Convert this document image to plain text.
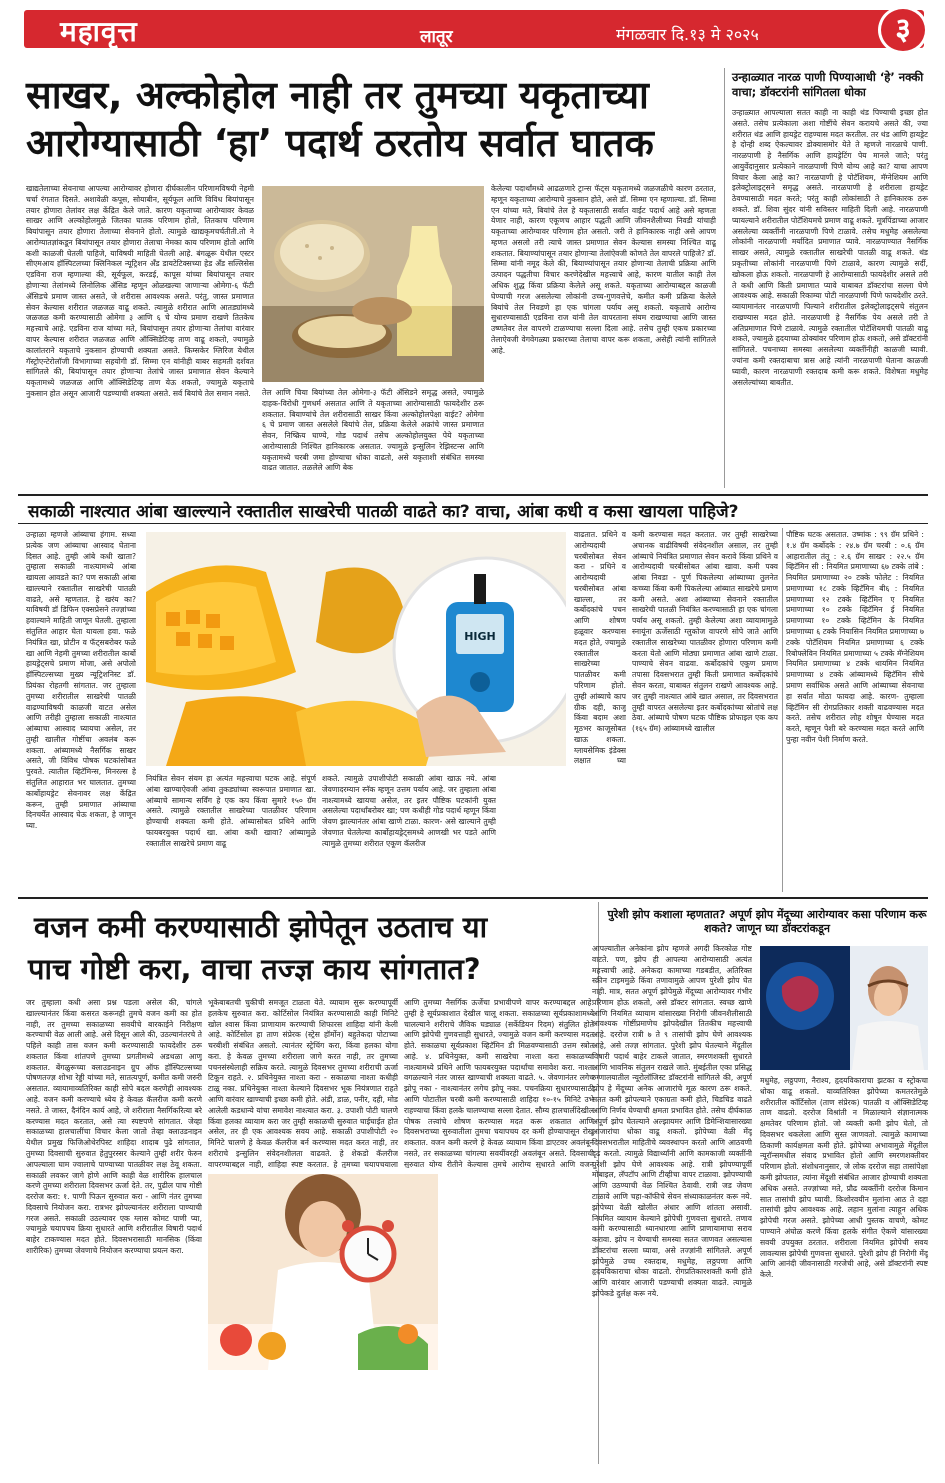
महावृत्त	लातूर	मंगळवार दि.१३ मे २०२५	३
साखर, अल्कोहोल नाही तर तुमच्या यकृताच्या
आरोग्यासाठी ‘हा’ पदार्थ ठरतोय सर्वात घातक
खाद्यतेलाच्या सेवनाचा आपल्या आरोग्यावर होणारा दीर्घकालीन परिणामविषयी नेहमी चर्चा रंगतात दिसते. अशावेळी कपूस, सोयाबीन, सूर्यफूल आणि विविध बियांपासून तयार होणारा तेलांवर लक्ष केंद्रित केले जाते. कारण यकृताच्या आरोग्यावर केवळ साखर आणि अल्कोहोलमुळे जितका घातक परिणाम होतो, तितकाच परिणाम बियांपासून तयार होणारा तेलाच्या सेवनाने होतो. त्यामुळे खाद्यकृमचर्चतीती.तो ने आरोग्यातज्ञांकडून बियांपासून तयार होणारा तेलाचा नेमका काय परिणाम होतो आणि कशी काळजी घेतली पाहिजे, याविषयी माहिती घेतली आहे. बंगळूरू येथील एस्टर सीएमआय हॉस्पिटलच्या क्लिनिकल न्यूट्रिशन ॲंड डायटेटिक्सच्या हेड ॲंड सल्लिसेस एडविना राज म्हणाल्या की, सूर्यफूल, करडई, कापूस यांच्या बियांपासून तयार होणाऱ्या तेलांमध्ये लिनोलिक ॲसिड म्हणून ओळखल्या जाणाऱ्या ओमेगा-६ फॅटी ॲसिडचे प्रमाण जास्त असते, जे शरीरास आवश्यक असते. परंतु, जास्त प्रमाणात सेवन केल्यास शरीरात जळजळ वाढू शकते. त्यामुळे शरीरात आणि आतड्यांमध्ये जळजळ कमी करण्यासाठी ओमेगा ३ आणि ६ चे योग्य प्रमाण राखणे तितकेच महत्त्वाचे आहे. एडविना राज यांच्या मते, बियांपासून तयार होणाऱ्या तेलांचा वारंवार वापर केल्यास शरीरात जळजळ आणि ऑक्सिडेटिव्ह ताण वाढू शकतो, ज्यामुळे कालांतराने यकृताचे नुकसान होण्याची शक्यता असते. किम्सकेर ग्लिरिज येथील गॅस्ट्रोएन्टेरोलॉजी विभागाच्या सहयोगी डॉ. सिम्मा एन यांनीही याबर सहमती दर्शवत सांगितले की, बियांपासून तयार होणाऱ्या तेलांचे जास्त प्रमाणात सेवन केल्याने यकृतामध्ये जळजळ आणि ऑक्सिडेटिव्ह ताण येऊ शकतो, ज्यामुळे यकृताचे नुकसान होत असून आजारी पडण्याची शक्यता असते. सर्व बियांचे तेल समान नसते.	तेल आणि चिया बियांच्या तेल ओमेगा-३ फॅटी ॲसिडने समृद्ध असते, ज्यामुळे दाहक-विरोधी गुणधर्म असतात आणि ते यकृताच्या आरोग्यासाठी फायदेशीर ठरू शकतात. बियाण्यांचे तेल शरीरासाठी साखर किंवा अल्कोहोलपेक्षा वाईट? ओमेगा ६ चे प्रमाण जास्त असलेले बियांचे तेल, प्रक्रिया केलेले अक्रांचे जास्त प्रमाणात सेवन, निष्क्रिय घाण्ये, गोड पदार्थ तसेच अल्कोहोलयुक्त पेये यकृताच्या आरोग्यासाठी निश्चित हानिकारक असतात. ज्यामुळे इन्सुलिन रेझिस्टन्स आणि यकृतामध्ये चरबी जमा होण्याचा धोका वाढतो, असे यकृताशी संबंधित समस्या वाढत जातात. तळलेले आणि बेक
केलेल्या पदार्थांमध्ये आढळणारे ट्रान्स फॅट्स यकृतामध्ये जळजळीचे कारण ठरतात, म्हणून यकृताच्या आरोग्याचे नुकसान होते, असे डॉ. सिम्मा एन म्हणाल्या. डॉ. सिम्मा एन यांच्या मते, बियांचे तेल हे यकृतासाठी सर्वात वाईट पदार्थ आहे असे म्हणता येणार नाही, कारण एकूणच आहार पद्धती आणि जीवनशैलीच्या निवडी यांचाही यकृताच्या आरोग्यावर परिणाम होत असतो. जरी ते हानिकारक नाही असे आपण म्हणत असलो तरी त्याचे जास्त प्रमाणात सेवन केल्यास समस्या निश्चित वाढू शकतात. बियाण्यांपासून तयार होणाऱ्या तेलांऐवजी कोणते तेल वापरले पाहिजे? डॉ. सिम्मा यांनी नमूद केले की, बियाण्यांपासून तयार होणाऱ्या तेलाची प्रक्रिया आणि उत्पादन पद्धतीचा विचार करणेदेखील महत्त्वाचे आहे, कारण यातील काही तेल अधिक शुद्ध किंवा प्रक्रिया केलेले असू शकते. यकृताच्या आरोग्याबद्दल काळजी घेण्याची गरज असलेल्या लोकांनी उच्च-गुणवत्तेचे, कमीत कमी प्रक्रिया केलेले बियांचे तेल निवडणे हा एक चांगला पर्याय असू शकतो. यकृताचे आरोग्य सुधारण्यासाठी एडविना राज यांनी तेल वापरताना संयम राखण्याचा आणि जास्त उष्णतेवर तेल वापरणे टाळण्याचा सल्ला दिला आहे. तसेच तुम्ही एकच प्रकारच्या तेलाऐवजी वेगवेगळ्या प्रकारच्या तेलाचा वापर करू शकता, असेही त्यांनी सांगितले आहे.
उन्हाळ्यात नारळ पाणी पिण्याआधी ‘हे’ नक्की वाचा; डॉक्टरांनी सांगितला धोका
उन्हाळ्यात आपल्याला सतत काही ना काही थंड पिण्याची इच्छा होत असते. तसेच प्रत्येकाला अशा गोष्टींचे सेवन करायचे असते की, ज्या शरीरात थंड आणि हायड्रेट राहण्यास मदत करतील. तर थंड आणि हायड्रेट हे दोन्ही शब्द ऐकल्यावर डोक्यासमोर येते ते म्हणजे नारळाचे पाणी. नारळपाणी हे नैसर्गिक आणि हायड्रेटिंग पेय मानले जाते; परंतु आयुर्वेदानुसार प्रत्येकाने नारळपाणी पिणे योग्य आहे का? याचा आपण विचार केला आहे का? नारळपाणी हे पोटॅशियम, मॅग्नेशियम आणि इलेक्ट्रोलाइट्सने समृद्ध असते. नारळपाणी हे शरीराला हायड्रेट ठेवण्यासाठी मदत करते; परंतु काही लोकांसाठी ते हानिकारक ठरू शकते. डॉ. शिवा सुंदर यांनी सविस्तर माहिती दिली आहे. नारळपाणी प्यायल्याने शरीरातील पोटॅशियमचे प्रमाण वाढू शकते. मूत्रपिंडाच्या आजार असलेल्या व्यक्तींनी नारळपाणी पिणे टाळावे. तसेच मधुमेह असलेल्या लोकांनी नारळपाणी मर्यादित प्रमाणात प्यावे. नारळपाण्यात नैसर्गिक साखर असते, त्यामुळे रक्तातील साखरेची पातळी वाढू शकते. थंड प्रकृतीच्या लोकांनी नारळपाणी पिणे टाळावे, कारण त्यामुळे सर्दी, खोकला होऊ शकतो. नारळपाणी हे आरोग्यासाठी फायदेशीर असले तरी ते कधी आणि किती प्रमाणात प्यावे याबाबत डॉक्टरांचा सल्ला घेणे आवश्यक आहे. सकाळी रिकाम्या पोटी नारळपाणी पिणे फायदेशीर ठरते. व्यायामानंतर नारळपाणी पिल्याने शरीरातील इलेक्ट्रोलाइट्सचे संतुलन राखण्यास मदत होते. नारळपाणी हे नैसर्गिक पेय असले तरी ते अतिप्रमाणात पिणे टाळावे. त्यामुळे रक्तातील पोटॅशियमची पातळी वाढू शकते, ज्यामुळे हृदयाच्या ठोक्यांवर परिणाम होऊ शकतो, असे डॉक्टरांनी सांगितले. पचनाच्या समस्या असलेल्या व्यक्तींनीही काळजी घ्यावी. ज्यांना कमी रक्तदाबाचा त्रास आहे त्यांनी नारळपाणी घेताना काळजी घ्यावी, कारण नारळपाणी रक्तदाब कमी करू शकते. विशेषतः मधुमेह असलेल्यांच्या बाबतीत.
सकाळी नाश्त्यात आंबा खाल्ल्याने रक्तातील साखरेची पातळी वाढते का? वाचा, आंबा कधी व कसा खायला पाहिजे?
उन्हाळा म्हणजे आंब्याचा हंगाम. सध्या प्रत्येक जण आंब्याचा आस्वाद घेताना दिसत आहे. तुम्ही आंबे कधी खाता? तुम्हाला सकाळी नाश्त्यामध्ये आंबा खायला आवडते का? पण सकाळी आंबा खाल्ल्याने रक्तातील साखरेची पातळी वाढते, असे म्हणतात. हे खरंय का? याविषयी डॉ डिफिन एक्सप्रेसने तज्ज्ञांच्या हवाल्याने माहिती जाणून घेतली. तुम्हाला संतुलित आहार घेता यायला हवा. फळे नियंत्रित खा, प्रोटीन व फॅट्सबरोबर फळे खा आणि नेहमी तुमच्या शरीरातील कार्बो हायड्रेट्सचे प्रमाण मोजा, असे अपोलो हॉस्पिटल्सच्या मुख्य न्यूट्रिशनिस्ट डॉ. प्रियंका रोहतगी सांगतात. जर तुम्हाला तुमच्या शरीरातील साखरेची पातळी वाढण्याविषयी काळजी वाटत असेल आणि तरीही तुम्हाला सकाळी नाश्त्यात आंब्याचा आस्वाद घ्यायचा असेल, तर तुम्ही खालील गोष्टींचा अवलंब करू शकता. आंब्यामध्ये नैसर्गिक साखर असते, जी विविध पोषक घटकांसोबत पुरवते. त्यातील व्हिटॅमिन्स, मिनरल्स हे संतुलित आहारात भर घालतात. तुमच्या कार्बोहायड्रेट सेवनावर लक्ष केंद्रित करून, तुम्ही प्रमाणात आंब्याचा दिनचर्येत आस्वाद घेऊ शकता, हे जाणून घ्या.
HIGH
नियंत्रित सेवन संयम हा अत्यंत महत्त्वाचा घटक आहे. संपूर्ण आंबा खाण्याऐवजी आंबा तुकड्यांच्या स्वरूपात प्रमाणात खा. आंब्याचे सामान्य सर्विंग हे एक कप किंवा सुमारे १५० ग्रॅम असते. त्यामुळे रक्तातील साखरेच्या पातळीवर परिणाम होण्याची शक्यता कमी होते. आंब्यासोबत प्रथिने आणि फायबरयुक्त पदार्थ खा. आंबा कधी खावा? आंब्यामुळे रक्तातील साखरेचे प्रमाण वाढू
शकते. त्यामुळे उपाशीपोटी सकाळी आंबा खाऊ नये. आंबा जेवणादरम्यान स्नॅक म्हणून उत्तम पर्याय आहे. जर तुम्हाला आंबा नाश्त्यामध्ये खायचा असेल, तर इतर पौष्टिक घटकांनी युक्त असलेल्या पदार्थांबरोबर खा; पण कधीही गोड पदार्थ म्हणून किंवा जेवण झाल्यानंतर आंबा खाणे टाळा. कारण- असे खाल्याने तुम्ही जेवणात घेतलेल्या कार्बोहायड्रेट्समध्ये आणखी भर पडते आणि त्यामुळे तुमच्या शरीरात एकूण कॅलरीज
वाढतात. प्रथिने व आरोग्यदायी चरबीसोबत सेवन करा - प्रथिने व आरोग्यदायी चरबीसोबत आंबा खाल्ला, तर कर्बोदकांचे पचन आणि शोषण हळूवार करण्यास मदत होते, ज्यामुळे रक्तातील साखरेच्या पातळीवर कमी परिणाम होतो. तुम्ही आंब्याचे काप ग्रीक दही, काजू किंवा बदाम अशा मूठभर काजूसोबत खाऊ शकता. ग्लायसेमिक इंडेक्स लक्षात घ्या
कमी करण्यास मदत करतात. जर तुम्ही साखरेच्या अचानक वाढीविषयी संवेदनशील असाल, तर तुम्ही आंब्याचे नियंत्रित प्रमाणात सेवन करावे किंवा प्रथिने व आरोग्यदायी चरबीसोबत आंबा खावा. कमी पक्व आंबा निवडा - पूर्ण पिकलेल्या आंब्याच्या तुलनेत कच्च्या किंवा कमी पिकलेल्या आंब्यात साखरेचे प्रमाण कमी असते. अशा आंब्याच्या सेवनाने रक्तातील साखरेची पातळी नियंत्रित करण्यासाठी हा एक चांगला पर्याय असू शकतो. तुम्ही केलेल्या अशा व्यायामामुळे स्नायूंना ऊर्जेसाठी ग्लुकोज वापरणे सोपे जाते आणि रक्तातील साखरेच्या पातळीवर होणारा परिणाम कमी करता येतो आणि मोठ्या प्रमाणात आंबा खाणे टाळा. पाण्याचे सेवन वाढवा. कर्बोदकांचे एकूण प्रमाण तपासा दिवसभरात तुम्ही किती प्रमाणात कर्बोदकांचे सेवन करता, याबाबत संतुलन राखणे आवश्यक आहे. जर तुम्ही नाश्त्यात आंबे खात असाल, तर दिवसभरात तुम्ही वापरत असलेल्या इतर कर्बोदकांच्या स्रोतांचे लक्ष ठेवा. आंब्याचे पोषण घटक पौष्टिक प्रोफाइल एक कप (१६५ ग्रॅम) आंब्यामध्ये खालील
पौष्टिक घटक असतात. उष्मांक : ९९ ग्रॅम प्रथिने : १.४ ग्रॅम कर्बोदके : २४.७ ग्रॅम चरबी : ०.६ ग्रॅम आहारातील तंतू : २.६ ग्रॅम साखर : २२.५ ग्रॅम व्हिटॅमिन सी : नियमित प्रमाणाच्या ६७ टक्के तांबे : नियमित प्रमाणाच्या २० टक्के फोलेट : नियमित प्रमाणाच्या १८ टक्के व्हिटॅमिन बी६ : नियमित प्रमाणाच्या १२ टक्के व्हिटॅमिन ए नियमित प्रमाणाच्या १० टक्के व्हिटॅमिन ई नियमित प्रमाणाच्या १० टक्के व्हिटॅमिन के नियमित प्रमाणाच्या ६ टक्के नियासिन नियमित प्रमाणाच्या ७ टक्के पोटॅशियम नियमित प्रमाणाच्या ६ टक्के रिबोफ्लेविन नियमित प्रमाणाच्या ५ टक्के मॅग्नेशियम नियमित प्रमाणाच्या ४ टक्के थायमिन नियमित प्रमाणाच्या ४ टक्के आंब्यामध्ये व्हिटॅमिन सीचे प्रमाण सर्वाधिक असते आणि आंब्याच्या सेवनाचा हा सर्वात मोठा फायदा आहे. कारण- तुम्हाला व्हिटॅमिन सी रोगप्रतिकार शक्ती वाढवण्यास मदत करते. तसेच शरीरात लोह शोषून घेण्यास मदत करते, म्हणून पेशी बरे करण्यास मदत करते आणि पुन्हा नवीन पेशी निर्माण करते.
वजन कमी करण्यासाठी झोपेतून उठताच या
पाच गोष्टी करा, वाचा तज्ज्ञ काय सांगतात?
जर तुम्हाला कधी असा प्रश्न पडला असेल की, चांगले खाल्ल्यानंतर किंवा कसरत करूनही तुमचे वजन कमी का होत नाही, तर तुमच्या सकाळच्या सवयीचे बारकाईने निरीक्षण करण्याची वेळ आली आहे. असे दिसून आले की, उठल्यानंतरचे ते पहिले काही तास वजन कमी करण्यासाठी फायदेशीर ठरू शकतात किंवा शांतपणे तुमच्या प्रगतीमध्ये अडथळा आणू शकतात. बेंगळुरूच्या क्लाउडनाइन ग्रुप ऑफ हॉस्पिटल्सच्या पोषणतज्ज्ञ शोभा रेड्डी यांच्या मते, सातत्यपूर्ण, कमीत कमी जरुरी असतात. व्यायामाव्यतिरिक्त काही सोपे बदल करणेही आवश्यक आहे. वजन कमी करण्याचे ध्येय हे केवळ कॅलरीज कमी करणे नसते. ते जास्त, दैनंदिन कार्य आहे, जे शरीराला नैसर्गिकरित्या बरे करण्यास मदत करतात, असे त्या स्पष्टपणे सांगतात. जेव्हा सकाळच्या हालचालींचा विचार केला जातो तेव्हा क्लाउडनाइन येथील प्रमुख फिजिओथेरपिस्ट शाहिदा शादाब पुढे सांगतात, तुमच्या दिवसाची सुरुवात हेतुपुरस्सर केल्याने तुम्ही शरीर फेरुन आपल्याला घाम ज्वालाचे पाण्याच्या पातळीवर लक्ष ठेवू शकता. सकाळी लवकर जागे होणे आणि काही वेळ शारीरिक हालचाल करणे तुमच्या शरीराला दिवसभर ऊर्जा देते. तर, पुढील पाच गोष्टी दररोज करा: १. पाणी पिऊन सुरुवात करा - आणि नंतर तुमच्या दिवसाचे नियोजन करा. रात्रभर झोपल्यानंतर शरीराला पाण्याची गरज असते. सकाळी उठल्यावर एक ग्लास कोमट पाणी प्या, ज्यामुळे चयापचय क्रिया सुधारते आणि शरीरातील विषारी पदार्थ बाहेर टाकण्यास मदत होते. दिवसभरासाठी मानसिक (किंवा शारीरिक) तुमच्या जेवणाचे नियोजन करण्याचा प्रयत्न करा.
भूकेबाबतची चुकीची समजूत टाळता येते. व्यायाम सुरू करण्यापूर्वी हलकेच सुरुवात करा. कोर्टिसोल नियंत्रित करण्यासाठी काही मिनिटे खोल श्वास किंवा प्राणायाम करण्याची शिफारस शाहिदा यांनी केली आहे. कोर्टिसोल हा ताण संप्रेरक (स्ट्रेस हॉर्मोन) बहुतेकदा पोटाच्या चरबीशी संबंधित असतो. त्यानंतर स्ट्रेचिंग करा, किंवा हलका योगा करा. हे केवळ तुमच्या शरीराला जागे करत नाही, तर तुमच्या पचनसंस्थेलाही सक्रिय करते. त्यामुळे दिवसभर तुमच्या शरीराची ऊर्जा टिकून राहते. २. प्रथिनेयुक्त नाश्ता करा - सकाळचा नाश्ता कधीही टाळू नका. प्रथिनेयुक्त नाश्ता केल्याने दिवसभर भूक नियंत्रणात राहते आणि वारंवार खाण्याची इच्छा कमी होते. अंडी, डाळ, पनीर, दही, मोड आलेली कडधान्ये यांचा समावेश नाश्त्यात करा. ३. उपाशी पोटी चालणे किंवा हलका व्यायाम करा जर तुम्ही सकाळची सुरुवात घाईघाईत होत असेल, तर ही एक आवश्यक सवय आहे. सकाळी उपाशीपोटी २० मिनिटे चालणे हे केवळ कॅलरीज बर्न करण्यास मदत करत नाही, तर शरीराचे इन्सुलिन संवेदनशीलता वाढवते. हे शेकडो कॅलरीज वापरण्याबद्दल नाही, शाहिदा स्पष्ट करतात. हे तुमच्या चयापचयाला
आणि तुमच्या नैसर्गिक ऊर्जेचा प्रभावीपणे वापर करण्याबद्दल आहे. तुम्ही हे सूर्यप्रकाशात देखील चालू शकता. सकाळच्या सूर्यप्रकाशामध्ये चालल्याने शरीराचे जैविक घड्याळ (सर्केडियन रिदम) संतुलित होते आणि झोपेची गुणवत्ताही सुधारते, ज्यामुळे वजन कमी करण्यास मदत होते. सकाळचा सूर्यप्रकाश व्हिटॅमिन डी मिळवण्यासाठी उत्तम स्त्रोत आहे. ४. प्रथिनेयुक्त, कमी साखरेचा नाश्ता करा सकाळच्या नाश्त्यामध्ये प्रथिने आणि फायबरयुक्त पदार्थांचा समावेश करा. नाश्ता वगळल्याने नंतर जास्त खाण्याची शक्यता वाढते. ५. जेवणानंतर लगेच झोपू नका - नाश्त्यानंतर लगेच झोपू नका. पचनक्रिया सुधारण्यासाठी आणि पोटातील चरबी कमी करण्यासाठी शाहिदा १०-१५ मिनिटे उभे राहण्याचा किंवा हलके चालण्याचा सल्ला देतात. सौम्य हालचालींदेखील पोषक तत्त्वांचे शोषण करण्यास मदत करू शकतात आणि दिवसभराच्या सुरुवातीला तुमचा चयापचय दर कमी होण्यापासून रोखू शकतात. वजन कमी करणे हे केवळ व्यायाम किंवा डाएटवर अवलंबून नसते, तर सकाळच्या चांगल्या सवयींवरही अवलंबून असते. दिवसाची सुरुवात योग्य रीतीने केल्यास तुमचे आरोग्य सुधारते आणि वजन
पुरेशी झोप कशाला म्हणतात? अपूर्ण झोप मेंदूच्या आरोग्यावर कसा परिणाम करू शकते? जाणून घ्या डॉक्टरांकडून
आपल्यातील अनेकांना झोप म्हणजे अगदी किरकोळ गोष्ट वाटते. पण, झोप ही आपल्या आरोग्यासाठी अत्यंत महत्त्वाची आहे. अनेकदा कामाच्या गडबडीत, अतिरिक्त स्क्रीन टाइममुळे किंवा तणावामुळे आपण पुरेशी झोप घेत नाही. मात्र, सतत अपूर्ण झोपेमुळे मेंदूच्या आरोग्यावर गंभीर परिणाम होऊ शकतो, असे डॉक्टर सांगतात. स्वच्छ खाणे आणि नियमित व्यायाम यांसारख्या निरोगी जीवनशैलीसाठी आवश्यक गोष्टींप्रमाणेच झोपदेखील तितकीच महत्त्वाची आहे. दररोज रात्री ७ ते ९ तासांची झोप घेणे आवश्यक आहे, असे तज्ज्ञ सांगतात. पुरेशी झोप घेतल्याने मेंदूतील विषारी पदार्थ बाहेर टाकले जातात, स्मरणशक्ती सुधारते आणि भावनिक संतुलन राखले जाते. मुंबईतील एका प्रसिद्ध रुग्णालयातील न्यूरोलॉजिस्ट डॉक्टरांनी सांगितले की, अपूर्ण झोप हे मेंदूच्या अनेक आजारांचे मूळ कारण ठरू शकते. सतत कमी झोपल्याने एकाग्रता कमी होते, चिडचिड वाढते आणि निर्णय घेण्याची क्षमता प्रभावित होते. तसेच दीर्घकाळ अपूर्ण झोप घेतल्याने अल्झायमर आणि डिमेन्शियासारख्या आजारांचा धोका वाढू शकतो. झोपेच्या वेळी मेंदू दिवसभरातील माहितीचे व्यवस्थापन करतो आणि आठवणी दृढ करतो. त्यामुळे विद्यार्थ्यांनी आणि कामकाजी व्यक्तींनी पुरेशी झोप घेणे आवश्यक आहे. रात्री झोपण्यापूर्वी मोबाइल, लॅपटॉप आणि टीव्हीचा वापर टाळावा. झोपण्याची आणि उठण्याची वेळ निश्चित ठेवावी. रात्री जड जेवण टाळावे आणि चहा-कॉफीचे सेवन संध्याकाळनंतर करू नये. झोपेच्या वेळी खोलीत अंधार आणि शांतता असावी. नियमित व्यायाम केल्याने झोपेची गुणवत्ता सुधारते. तणाव कमी करण्यासाठी ध्यानधारणा आणि प्राणायामाचा सराव करावा. झोप न येण्याची समस्या सतत जाणवत असल्यास डॉक्टरांचा सल्ला घ्यावा, असे तज्ज्ञांनी सांगितले. अपूर्ण झोपेमुळे उच्च रक्तदाब, मधुमेह, लठ्ठपणा आणि हृदयविकाराचा धोका वाढतो. रोगप्रतिकारशक्ती कमी होते आणि वारंवार आजारी पडण्याची शक्यता वाढते. त्यामुळे झोपेकडे दुर्लक्ष करू नये.
मधुमेह, लठ्ठपणा, नैराश्य, हृदयविकाराचा झटका व स्ट्रोकचा धोका वाढू शकतो. याव्यतिरिक्त झोपेच्या कमतरतेमुळे शरीरातील कॉर्टिसोल (ताण संप्रेरक) पातळी व ऑक्सिडेटिव्ह ताण वाढतो. दररोज विश्रांती न मिळाल्याने संज्ञानात्मक क्षमतेवर परिणाम होतो. जो व्यक्ती कमी झोप घेतो, तो दिवसभर थकलेला आणि सुस्त जाणवतो. त्यामुळे कामाच्या ठिकाणी कार्यक्षमता कमी होते. झोपेच्या अभावामुळे मेंदूतील न्यूरॉन्समधील संवाद प्रभावित होतो आणि स्मरणशक्तीवर परिणाम होतो. संशोधनानुसार, जे लोक दररोज सहा तासांपेक्षा कमी झोपतात, त्यांना मेंदूशी संबंधित आजार होण्याची शक्यता अधिक असते. तज्ज्ञांच्या मते, प्रौढ व्यक्तींनी दररोज किमान सात तासांची झोप घ्यावी. किशोरवयीन मुलांना आठ ते दहा तासांची झोप आवश्यक आहे. लहान मुलांना त्याहून अधिक झोपेची गरज असते. झोपेच्या आधी पुस्तक वाचणे, कोमट पाण्याने अंघोळ करणे किंवा हलके संगीत ऐकणे यांसारख्या सवयी उपयुक्त ठरतात. शरीराला नियमित झोपेची सवय लावल्यास झोपेची गुणवत्ता सुधारते. पुरेशी झोप ही निरोगी मेंदू आणि आनंदी जीवनासाठी गरजेची आहे, असे डॉक्टरांनी स्पष्ट केले.
